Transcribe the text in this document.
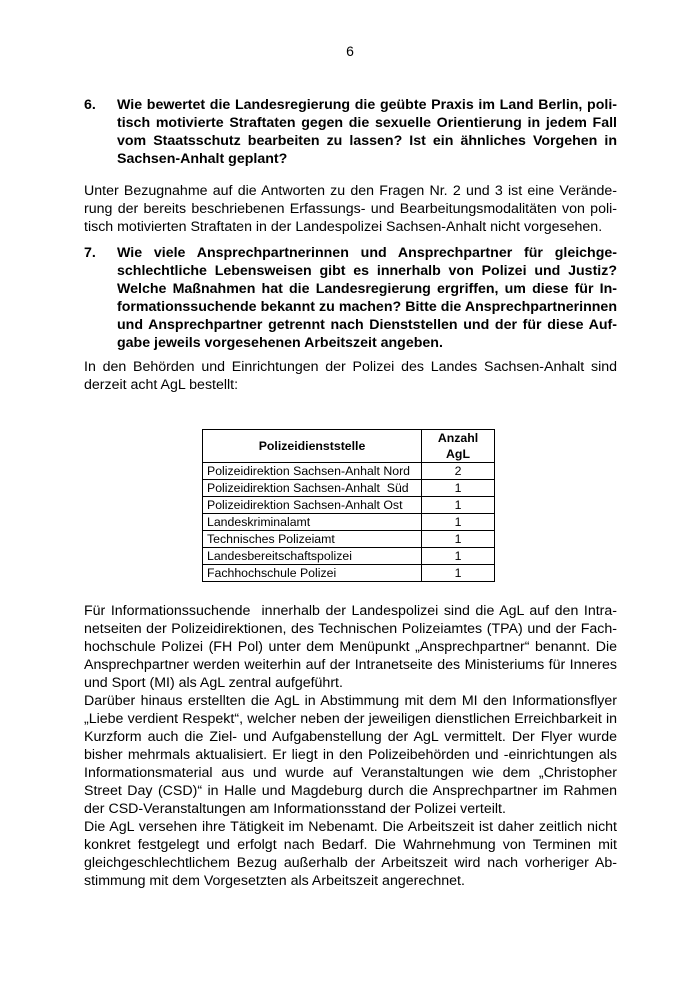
6
6.	Wie bewertet die Landesregierung die geübte Praxis im Land Berlin, poli-
tisch motivierte Straftaten gegen die sexuelle Orientierung in jedem Fall
vom Staatsschutz bearbeiten zu lassen? Ist ein ähnliches Vorgehen in
Sachsen-Anhalt geplant?

Unter Bezugnahme auf die Antworten zu den Fragen Nr. 2 und 3 ist eine Verände-
rung der bereits beschriebenen Erfassungs- und Bearbeitungsmodalitäten von poli-
tisch motivierten Straftaten in der Landespolizei Sachsen-Anhalt nicht vorgesehen.

7.	Wie viele Ansprechpartnerinnen und Ansprechpartner für gleichge-
schlechtliche Lebensweisen gibt es innerhalb von Polizei und Justiz?
Welche Maßnahmen hat die Landesregierung ergriffen, um diese für In-
formationssuchende bekannt zu machen? Bitte die Ansprechpartnerinnen
und Ansprechpartner getrennt nach Dienststellen und der für diese Auf-
gabe jeweils vorgesehenen Arbeitszeit angeben.

In den Behörden und Einrichtungen der Polizei des Landes Sachsen-Anhalt sind
derzeit acht AgL bestellt:

Polizeidienststelle	Anzahl AgL
Polizeidirektion Sachsen-Anhalt Nord	2
Polizeidirektion Sachsen-Anhalt  Süd	1
Polizeidirektion Sachsen-Anhalt Ost	1
Landeskriminalamt	1
Technisches Polizeiamt	1
Landesbereitschaftspolizei	1
Fachhochschule Polizei	1

Für Informationssuchende  innerhalb der Landespolizei sind die AgL auf den Intra-
netseiten der Polizeidirektionen, des Technischen Polizeiamtes (TPA) und der Fach-
hochschule Polizei (FH Pol) unter dem Menüpunkt „Ansprechpartner“ benannt. Die
Ansprechpartner werden weiterhin auf der Intranetseite des Ministeriums für Inneres
und Sport (MI) als AgL zentral aufgeführt.
Darüber hinaus erstellten die AgL in Abstimmung mit dem MI den Informationsflyer
„Liebe verdient Respekt“, welcher neben der jeweiligen dienstlichen Erreichbarkeit in
Kurzform auch die Ziel- und Aufgabenstellung der AgL vermittelt. Der Flyer wurde
bisher mehrmals aktualisiert. Er liegt in den Polizeibehörden und -einrichtungen als
Informationsmaterial aus und wurde auf Veranstaltungen wie dem „Christopher
Street Day (CSD)“ in Halle und Magdeburg durch die Ansprechpartner im Rahmen
der CSD-Veranstaltungen am Informationsstand der Polizei verteilt.
Die AgL versehen ihre Tätigkeit im Nebenamt. Die Arbeitszeit ist daher zeitlich nicht
konkret festgelegt und erfolgt nach Bedarf. Die Wahrnehmung von Terminen mit
gleichgeschlechtlichem Bezug außerhalb der Arbeitszeit wird nach vorheriger Ab-
stimmung mit dem Vorgesetzten als Arbeitszeit angerechnet.
